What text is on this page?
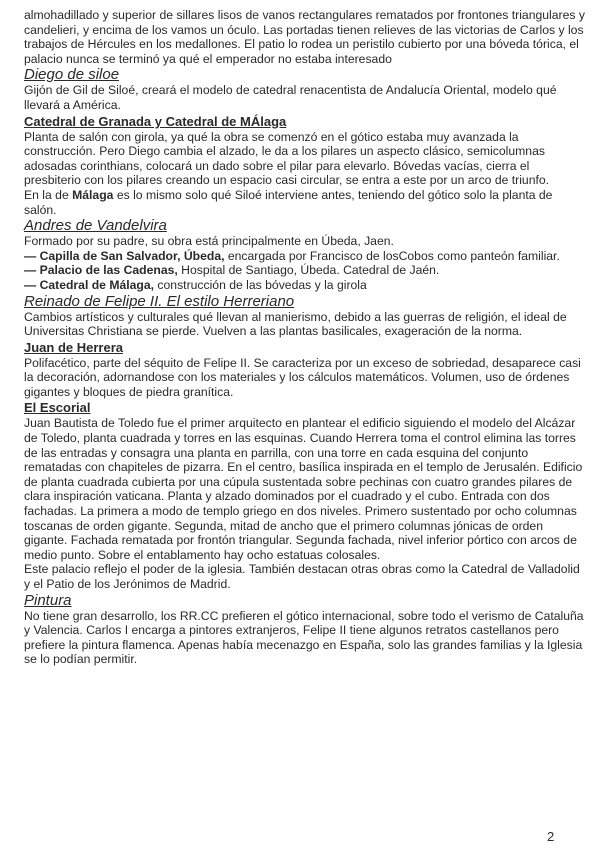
almohadillado y superior de sillares lisos de vanos rectangulares rematados por frontones triangulares y candelieri, y encima de los vamos un óculo. Las portadas tienen relieves de las victorias de Carlos y los trabajos de Hércules en los medallones. El patio lo rodea un peristilo cubierto por una bóveda tórica, el palacio nunca se terminó ya qué el emperador no estaba interesado

Diego de siloe

Gijón de Gil de Siloé, creará el modelo de catedral renacentista de Andalucía Oriental, modelo qué llevará a América.

Catedral de Granada y Catedral de MÁlaga

Planta de salón con girola, ya qué la obra se comenzó en el gótico estaba muy avanzada la construcción. Pero Diego cambia el alzado, le da a los pilares un aspecto clásico, semicolumnas adosadas corinthians, colocará un dado sobre el pilar para elevarlo. Bóvedas vacías, cierra el presbiterio con los pilares creando un espacio casi circular, se entra a este por un arco de triunfo.

En la de Málaga es lo mismo solo qué Siloé interviene antes, teniendo del gótico solo la planta de salón.

Andres de Vandelvira

Formado por su padre, su obra está principalmente en Úbeda, Jaen.

— Capilla de San Salvador, Úbeda, encargada por Francisco de losCobos como panteón familiar.

— Palacio de las Cadenas, Hospital de Santiago, Úbeda. Catedral de Jaén.

— Catedral de Málaga, construcción de las bóvedas y la girola

Reinado de Felipe II. El estilo Herreriano

Cambios artísticos y culturales qué llevan al manierismo, debido a las guerras de religión, el ideal de Universitas Christiana se pierde. Vuelven a las plantas basilicales, exageración de la norma.

Juan de Herrera

Polifacético, parte del séquito de Felipe II. Se caracteriza por un exceso de sobriedad, desaparece casi la decoración, adornandose con los materiales y los cálculos matemáticos. Volumen, uso de órdenes gigantes y bloques de piedra granítica.

El Escorial

Juan Bautista de Toledo fue el primer arquitecto en plantear el edificio siguiendo el modelo del Alcázar de Toledo, planta cuadrada y torres en las esquinas. Cuando Herrera toma el control elimina las torres de las entradas y consagra una planta en parrilla, con una torre en cada esquina del conjunto rematadas con chapiteles de pizarra. En el centro, basílica inspirada en el templo de Jerusalén. Edificio de planta cuadrada cubierta por una cúpula sustentada sobre pechinas con cuatro grandes pilares de clara inspiración vaticana. Planta y alzado dominados por el cuadrado y el cubo. Entrada con dos fachadas. La primera a modo de templo griego en dos niveles. Primero sustentado por ocho columnas toscanas de orden gigante. Segunda, mitad de ancho que el primero columnas jónicas de orden gigante. Fachada rematada por frontón triangular. Segunda fachada, nivel inferior pórtico con arcos de medio punto. Sobre el entablamento hay ocho estatuas colosales.

Este palacio reflejo el poder de la iglesia. También destacan otras obras como la Catedral de Valladolid y el Patio de los Jerónimos de Madrid.

Pintura

No tiene gran desarrollo, los RR.CC prefieren el gótico internacional, sobre todo el verismo de Cataluña y Valencia. Carlos I encarga a pintores extranjeros, Felipe II tiene algunos retratos castellanos pero prefiere la pintura flamenca. Apenas había mecenazgo en España, solo las grandes familias y la Iglesia se lo podían permitir.

2
